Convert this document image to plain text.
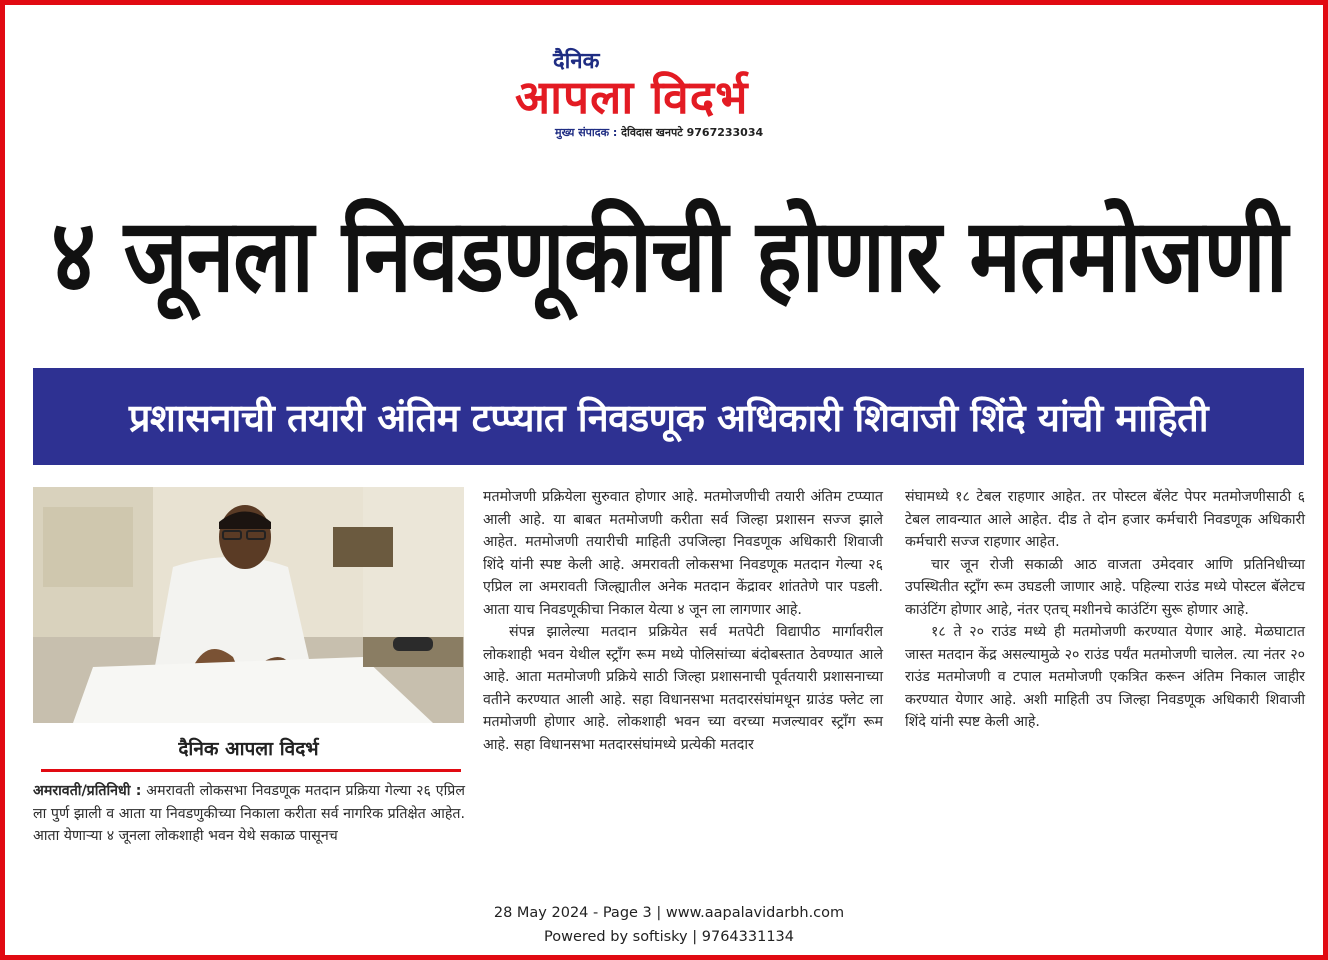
दैनिक
आपला विदर्भ
मुख्य संपादक : देविदास खनपटे 9767233034
४ जूनला निवडणूकीची होणार मतमोजणी
प्रशासनाची तयारी अंतिम टप्प्यात निवडणूक अधिकारी शिवाजी शिंदे यांची माहिती
दैनिक आपला विदर्भ

अमरावती/प्रतिनिधी : अमरावती लोकसभा निवडणूक मतदान प्रक्रिया गेल्या २६ एप्रिल ला पुर्ण झाली व आता या निवडणुकीच्या निकाला करीता सर्व नागरिक प्रतिक्षेत आहेत. आता येणाऱ्या ४ जूनला लोकशाही भवन येथे सकाळ पासूनच

मतमोजणी प्रक्रियेला सुरुवात होणार आहे. मतमोजणीची तयारी अंतिम टप्प्यात आली आहे. या बाबत मतमोजणी करीता सर्व जिल्हा प्रशासन सज्ज झाले आहेत. मतमोजणी तयारीची माहिती उपजिल्हा निवडणूक अधिकारी शिवाजी शिंदे यांनी स्पष्ट केली आहे. अमरावती लोकसभा निवडणूक मतदान गेल्या २६ एप्रिल ला अमरावती जिल्ह्यातील अनेक मतदान केंद्रावर शांततेणे पार पडली. आता याच निवडणूकीचा निकाल येत्या ४ जून ला लागणार आहे.

संपन्न झालेल्या मतदान प्रक्रियेत सर्व मतपेटी विद्यापीठ मार्गावरील लोकशाही भवन येथील स्ट्राँग रूम मध्ये पोलिसांच्या बंदोबस्तात ठेवण्यात आले आहे. आता मतमोजणी प्रक्रिये साठी जिल्हा प्रशासनाची पूर्वतयारी प्रशासनाच्या वतीने करण्यात आली आहे. सहा विधानसभा मतदारसंघांमधून ग्राउंड फ्लेट ला मतमोजणी होणार आहे. लोकशाही भवन च्या वरच्या मजल्यावर स्ट्राँग रूम आहे. सहा विधानसभा मतदारसंघांमध्ये प्रत्येकी मतदार

संघामध्ये १८ टेबल राहणार आहेत. तर पोस्टल बॅलेट पेपर मतमोजणीसाठी ६ टेबल लावन्यात आले आहेत. दीड ते दोन हजार कर्मचारी निवडणूक अधिकारी कर्मचारी सज्ज राहणार आहेत.

चार जून रोजी सकाळी आठ वाजता उमेदवार आणि प्रतिनिधीच्या उपस्थितीत स्ट्राँग रूम उघडली जाणार आहे. पहिल्या राउंड मध्ये पोस्टल बॅलेटच काउंटिंग होणार आहे, नंतर एतच् मशीनचे काउंटिंग सुरू होणार आहे.

१८ ते २० राउंड मध्ये ही मतमोजणी करण्यात येणार आहे. मेळघाटात जास्त मतदान केंद्र असल्यामुळे २० राउंड पर्यंत मतमोजणी चालेल. त्या नंतर २० राउंड मतमोजणी व टपाल मतमोजणी एकत्रित करून अंतिम निकाल जाहीर करण्यात येणार आहे. अशी माहिती उप जिल्हा निवडणूक अधिकारी शिवाजी शिंदे यांनी स्पष्ट केली आहे.

28 May 2024 - Page 3 | www.aapalavidarbh.com
Powered by softisky | 9764331134
